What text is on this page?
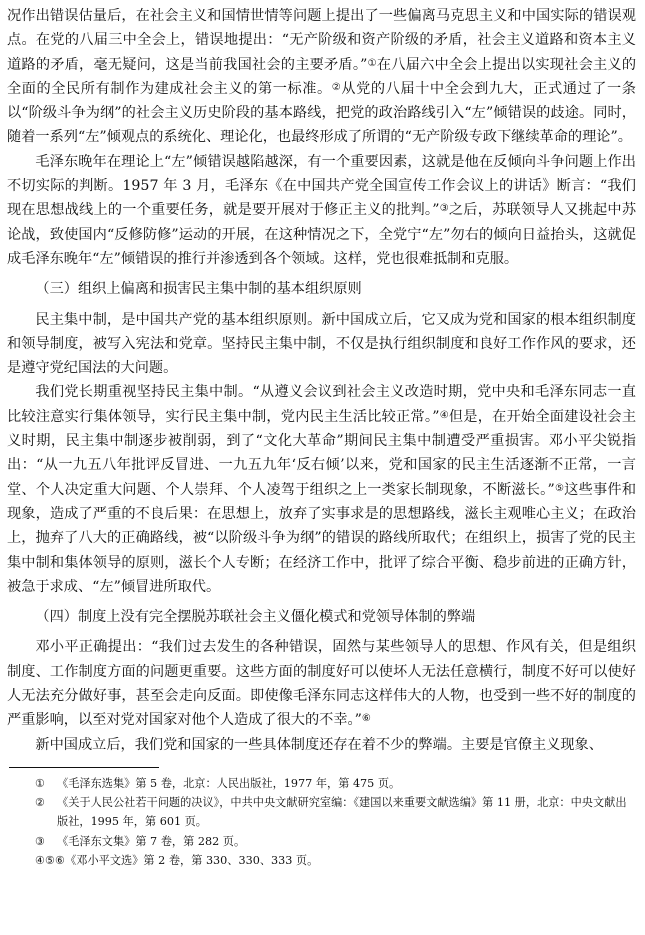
况作出错误估量后，在社会主义和国情世情等问题上提出了一些偏离马克思主义和中国实际的错误观点。在党的八届三中全会上，错误地提出：“无产阶级和资产阶级的矛盾，社会主义道路和资本主义道路的矛盾，毫无疑问，这是当前我国社会的主要矛盾。”①在八届六中全会上提出以实现社会主义的全面的全民所有制作为建成社会主义的第一标准。②从党的八届十中全会到九大，正式通过了一条以“阶级斗争为纲”的社会主义历史阶段的基本路线，把党的政治路线引入“左”倾错误的歧途。同时，随着一系列“左”倾观点的系统化、理论化，也最终形成了所谓的“无产阶级专政下继续革命的理论”。

毛泽东晚年在理论上“左”倾错误越陷越深，有一个重要因素，这就是他在反倾向斗争问题上作出不切实际的判断。1957 年 3 月，毛泽东《在中国共产党全国宣传工作会议上的讲话》断言：“我们现在思想战线上的一个重要任务，就是要开展对于修正主义的批判。”③之后，苏联领导人又挑起中苏论战，致使国内“反修防修”运动的开展，在这种情况之下，全党宁“左”勿右的倾向日益抬头，这就促成毛泽东晚年“左”倾错误的推行并渗透到各个领域。这样，党也很难抵制和克服。

（三）组织上偏离和损害民主集中制的基本组织原则

民主集中制，是中国共产党的基本组织原则。新中国成立后，它又成为党和国家的根本组织制度和领导制度，被写入宪法和党章。坚持民主集中制，不仅是执行组织制度和良好工作作风的要求，还是遵守党纪国法的大问题。

我们党长期重视坚持民主集中制。“从遵义会议到社会主义改造时期，党中央和毛泽东同志一直比较注意实行集体领导，实行民主集中制，党内民主生活比较正常。”④但是，在开始全面建设社会主义时期，民主集中制逐步被削弱，到了“文化大革命”期间民主集中制遭受严重损害。邓小平尖锐指出：“从一九五八年批评反冒进、一九五九年‘反右倾’以来，党和国家的民主生活逐渐不正常，一言堂、个人决定重大问题、个人崇拜、个人凌驾于组织之上一类家长制现象，不断滋长。”⑤这些事件和现象，造成了严重的不良后果：在思想上，放弃了实事求是的思想路线，滋长主观唯心主义；在政治上，抛弃了八大的正确路线，被“以阶级斗争为纲”的错误的路线所取代；在组织上，损害了党的民主集中制和集体领导的原则，滋长个人专断；在经济工作中，批评了综合平衡、稳步前进的正确方针，被急于求成、“左”倾冒进所取代。

（四）制度上没有完全摆脱苏联社会主义僵化模式和党领导体制的弊端

邓小平正确提出：“我们过去发生的各种错误，固然与某些领导人的思想、作风有关，但是组织制度、工作制度方面的问题更重要。这些方面的制度好可以使坏人无法任意横行，制度不好可以使好人无法充分做好事，甚至会走向反面。即使像毛泽东同志这样伟大的人物，也受到一些不好的制度的严重影响，以至对党对国家对他个人造成了很大的不幸。”⑥

新中国成立后，我们党和国家的一些具体制度还存在着不少的弊端。主要是官僚主义现象、

①	《毛泽东选集》第 5 卷，北京：人民出版社，1977 年，第 475 页。
②	《关于人民公社若干问题的决议》，中共中央文献研究室编：《建国以来重要文献选编》第 11 册，北京：中央文献出版社，1995 年，第 601 页。
③	《毛泽东文集》第 7 卷，第 282 页。
④⑤⑥ 《邓小平文选》第 2 卷，第 330、330、333 页。
